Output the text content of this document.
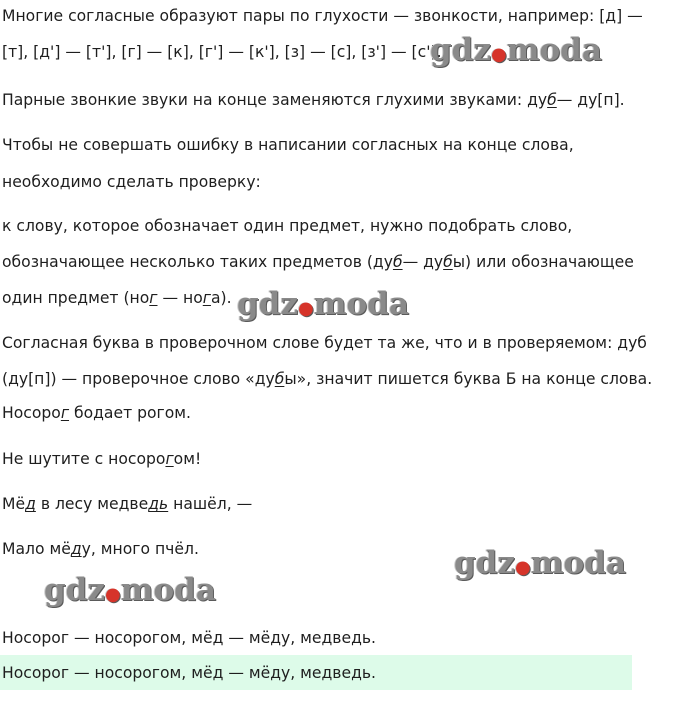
Многие согласные образуют пары по глухости — звонкости, например: [д] —
[т], [д'] — [т'], [г] — [к], [г'] — [к'], [з] — [с], [з'] — [с'].
Парные звонкие звуки на конце заменяются глухими звуками: дуб— ду[п].
Чтобы не совершать ошибку в написании согласных на конце слова,
необходимо сделать проверку:
к слову, которое обозначает один предмет, нужно подобрать слово,
обозначающее несколько таких предметов (дуб— дубы) или обозначающее
один предмет (ног — нога).
Согласная буква в проверочном слове будет та же, что и в проверяемом: дуб
(ду[п]) — проверочное слово «дубы», значит пишется буква Б на конце слова.
Носорог бодает рогом.
Не шутите с носорогом!
Мёд в лесу медведь нашёл, —
Мало мёду, много пчёл.
Носорог — носорогом, мёд — мёду, медведь.
Носорог — носорогом, мёд — мёду, медведь.
gdz●moda
gdz●moda
gdz●moda
gdz●moda
